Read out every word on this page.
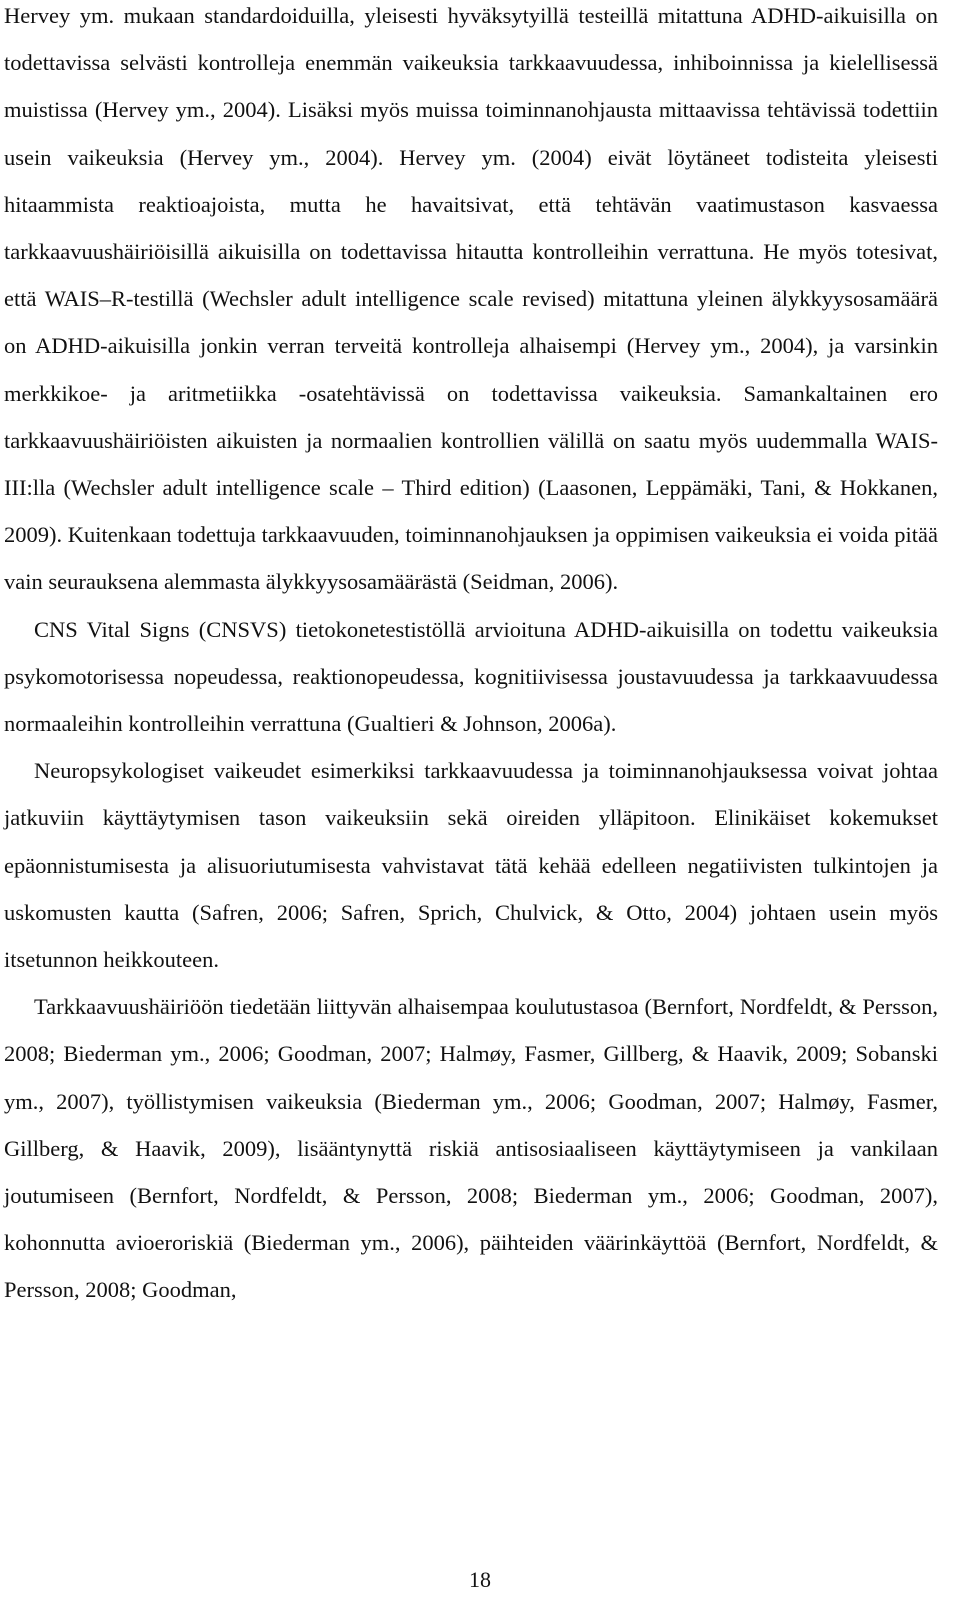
Hervey ym. mukaan standardoiduilla, yleisesti hyväksytyillä testeillä mitattuna ADHD-aikuisilla on todettavissa selvästi kontrolleja enemmän vaikeuksia tarkkaavuudessa, inhiboinnissa ja kielellisessä muistissa (Hervey ym., 2004). Lisäksi myös muissa toiminnanohjausta mittaavissa tehtävissä todettiin usein vaikeuksia (Hervey ym., 2004). Hervey ym. (2004) eivät löytäneet todisteita yleisesti hitaammista reaktioajoista, mutta he havaitsivat, että tehtävän vaatimustason kasvaessa tarkkaavuushäiriöisillä aikuisilla on todettavissa hitautta kontrolleihin verrattuna. He myös totesivat, että WAIS–R-testillä (Wechsler adult intelligence scale revised) mitattuna yleinen älykkyysosamäärä on ADHD-aikuisilla jonkin verran terveitä kontrolleja alhaisempi (Hervey ym., 2004), ja varsinkin merkkikoe- ja aritmetiikka -osatehtävissä on todettavissa vaikeuksia. Samankaltainen ero tarkkaavuushäiriöisten aikuisten ja normaalien kontrollien välillä on saatu myös uudemmalla WAIS-III:lla (Wechsler adult intelligence scale – Third edition) (Laasonen, Leppämäki, Tani, & Hokkanen, 2009). Kuitenkaan todettuja tarkkaavuuden, toiminnanohjauksen ja oppimisen vaikeuksia ei voida pitää vain seurauksena alemmasta älykkyysosamäärästä (Seidman, 2006).

CNS Vital Signs (CNSVS) tietokonetestistöllä arvioituna ADHD-aikuisilla on todettu vaikeuksia psykomotorisessa nopeudessa, reaktionopeudessa, kognitiivisessa joustavuudessa ja tarkkaavuudessa normaaleihin kontrolleihin verrattuna (Gualtieri & Johnson, 2006a).

Neuropsykologiset vaikeudet esimerkiksi tarkkaavuudessa ja toiminnanohjauksessa voivat johtaa jatkuviin käyttäytymisen tason vaikeuksiin sekä oireiden ylläpitoon. Elinikäiset kokemukset epäonnistumisesta ja alisuoriutumisesta vahvistavat tätä kehää edelleen negatiivisten tulkintojen ja uskomusten kautta (Safren, 2006; Safren, Sprich, Chulvick, & Otto, 2004) johtaen usein myös itsetunnon heikkouteen.

Tarkkaavuushäiriöön tiedetään liittyvän alhaisempaa koulutustasoa (Bernfort, Nordfeldt, & Persson, 2008; Biederman ym., 2006; Goodman, 2007; Halmøy, Fasmer, Gillberg, & Haavik, 2009; Sobanski ym., 2007), työllistymisen vaikeuksia (Biederman ym., 2006; Goodman, 2007; Halmøy, Fasmer, Gillberg, & Haavik, 2009), lisääntynyttä riskiä antisosiaaliseen käyttäytymiseen ja vankilaan joutumiseen (Bernfort, Nordfeldt, & Persson, 2008; Biederman ym., 2006; Goodman, 2007), kohonnutta avioeroriskiä (Biederman ym., 2006), päihteiden väärinkäyttöä (Bernfort, Nordfeldt, & Persson, 2008; Goodman,

18
